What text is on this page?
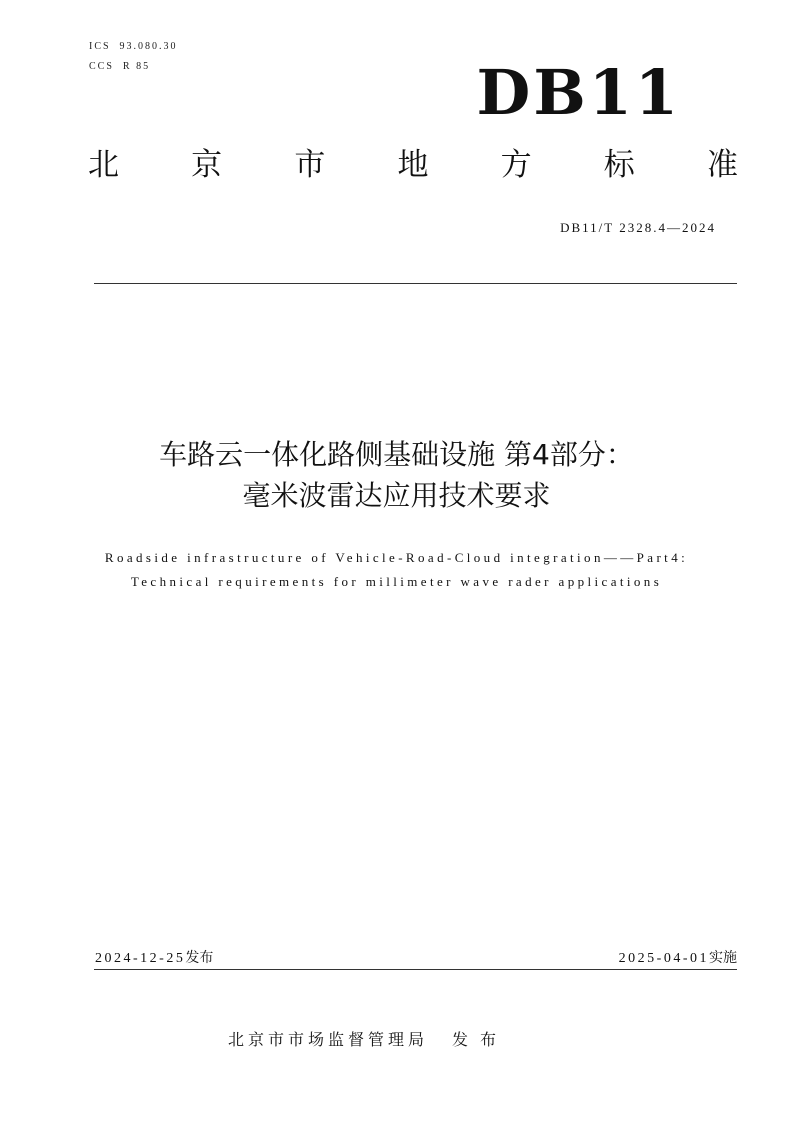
ICS  93.080.30
CCS  R 85	DB11
北 京 市 地 方 标 准
DB11/T 2328.4—2024
车路云一体化路侧基础设施 第4部分：
毫米波雷达应用技术要求
Roadside infrastructure of Vehicle-Road-Cloud integration——Part4:
Technical requirements for millimeter wave rader applications
2024-12-25发布	2025-04-01实施
北京市市场监督管理局 发布
